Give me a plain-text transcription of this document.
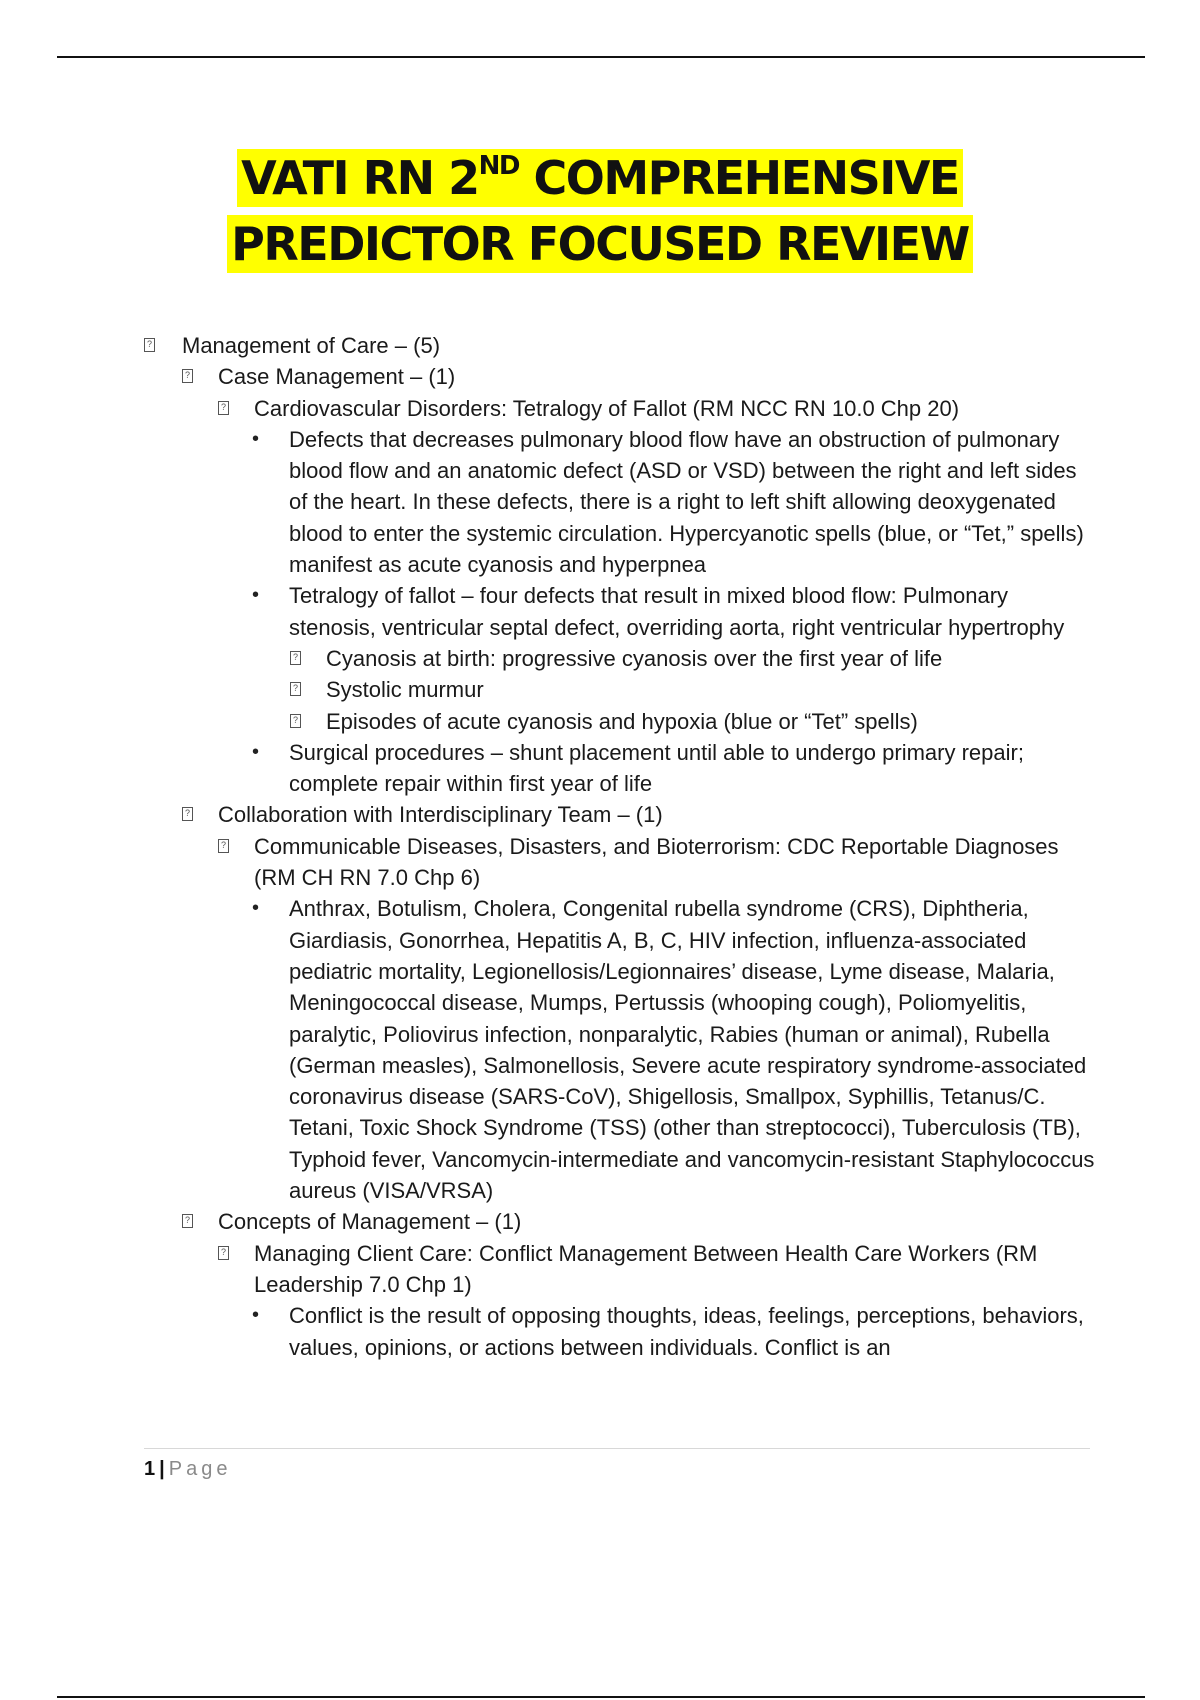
VATI RN 2ND COMPREHENSIVE
PREDICTOR FOCUSED REVIEW
? Management of Care – (5)
? Case Management – (1)
? Cardiovascular Disorders: Tetralogy of Fallot (RM NCC RN 10.0 Chp 20)
• Defects that decreases pulmonary blood flow have an obstruction of pulmonary blood flow and an anatomic defect (ASD or VSD) between the right and left sides of the heart. In these defects, there is a right to left shift allowing deoxygenated blood to enter the systemic circulation. Hypercyanotic spells (blue, or “Tet,” spells) manifest as acute cyanosis and hyperpnea
• Tetralogy of fallot – four defects that result in mixed blood flow: Pulmonary stenosis, ventricular septal defect, overriding aorta, right ventricular hypertrophy
? Cyanosis at birth: progressive cyanosis over the first year of life
? Systolic murmur
? Episodes of acute cyanosis and hypoxia (blue or “Tet” spells)
• Surgical procedures – shunt placement until able to undergo primary repair; complete repair within first year of life
? Collaboration with Interdisciplinary Team – (1)
? Communicable Diseases, Disasters, and Bioterrorism: CDC Reportable Diagnoses (RM CH RN 7.0 Chp 6)
• Anthrax, Botulism, Cholera, Congenital rubella syndrome (CRS), Diphtheria, Giardiasis, Gonorrhea, Hepatitis A, B, C, HIV infection, influenza-associated pediatric mortality, Legionellosis/Legionnaires’ disease, Lyme disease, Malaria, Meningococcal disease, Mumps, Pertussis (whooping cough), Poliomyelitis, paralytic, Poliovirus infection, nonparalytic, Rabies (human or animal), Rubella (German measles), Salmonellosis, Severe acute respiratory syndrome-associated coronavirus disease (SARS-CoV), Shigellosis, Smallpox, Syphillis, Tetanus/C.
Tetani, Toxic Shock Syndrome (TSS) (other than streptococci), Tuberculosis (TB), Typhoid fever, Vancomycin-intermediate and vancomycin-resistant Staphylococcus aureus (VISA/VRSA)
? Concepts of Management – (1)
? Managing Client Care: Conflict Management Between Health Care Workers (RM Leadership 7.0 Chp 1)
• Conflict is the result of opposing thoughts, ideas, feelings, perceptions, behaviors, values, opinions, or actions between individuals. Conflict is an
1 | Page
